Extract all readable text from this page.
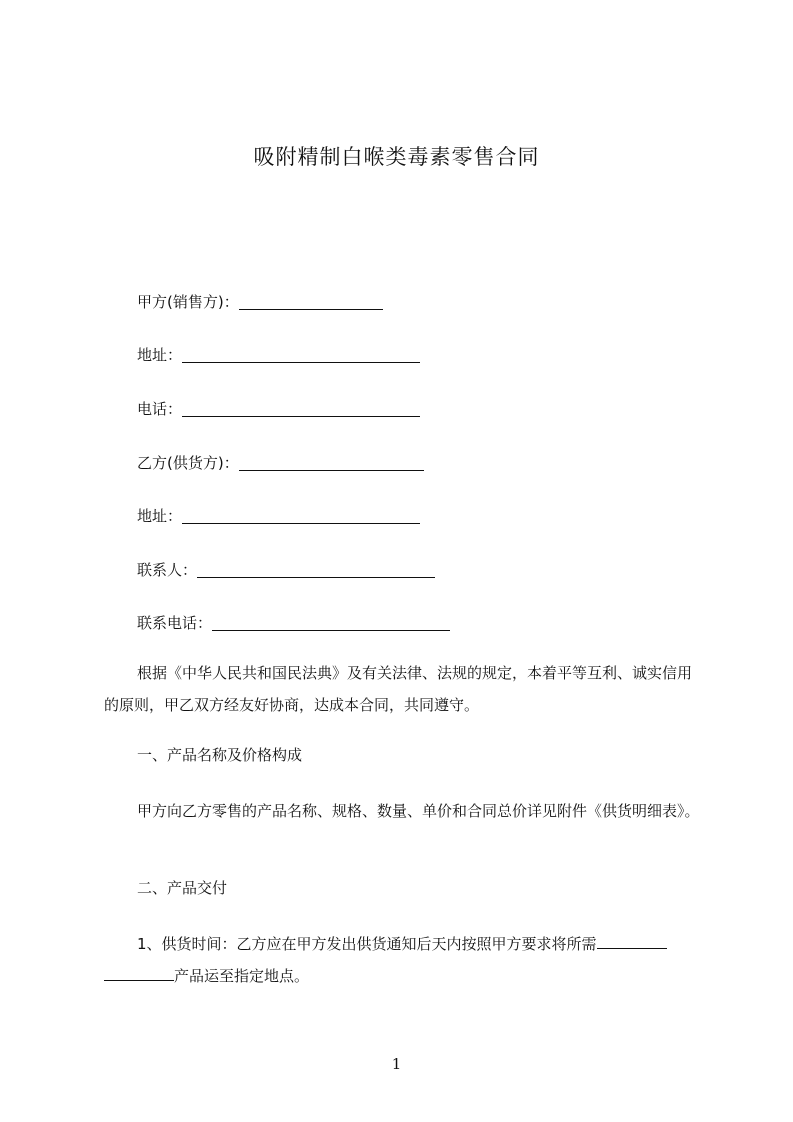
吸附精制白喉类毒素零售合同
甲方(销售方)：
地址：
电话：
乙方(供货方)：
地址：
联系人：
联系电话：
根据《中华人民共和国民法典》及有关法律、法规的规定，本着平等互利、诚实信用的原则，甲乙双方经友好协商，达成本合同，共同遵守。
一、产品名称及价格构成
甲方向乙方零售的产品名称、规格、数量、单价和合同总价详见附件《供货明细表》。
二、产品交付
1、供货时间：乙方应在甲方发出供货通知后天内按照甲方要求将所需产品运至指定地点。
1
